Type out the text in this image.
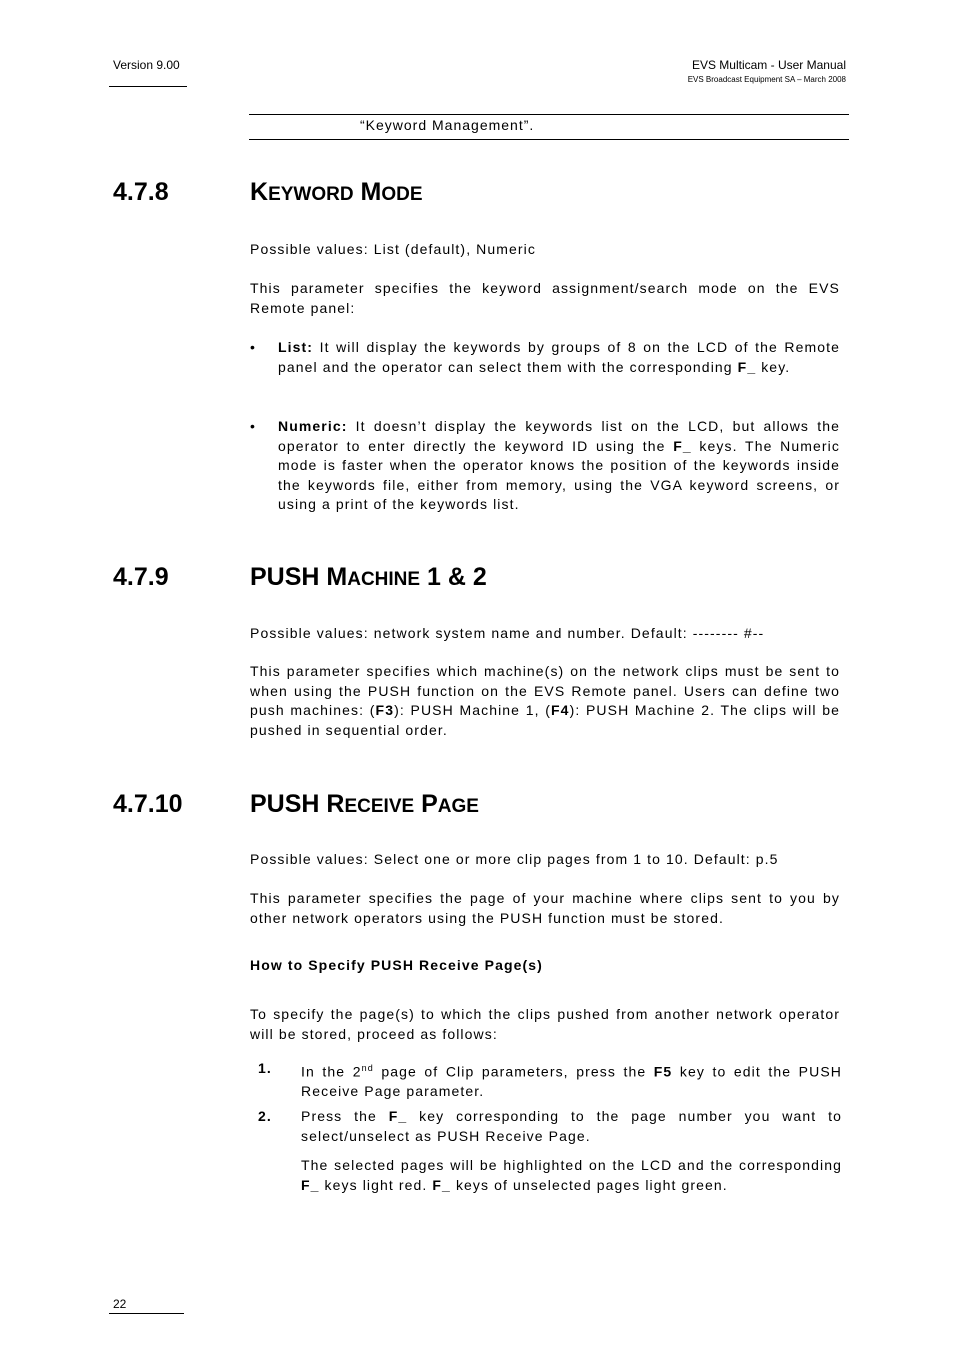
Version 9.00	EVS Multicam - User Manual
EVS Broadcast Equipment SA – March 2008
“Keyword Management”.
4.7.8	KEYWORD MODE
Possible values: List (default), Numeric
This parameter specifies the keyword assignment/search mode on the EVS Remote panel:
•	List: It will display the keywords by groups of 8 on the LCD of the Remote panel and the operator can select them with the corresponding F_ key.
•	Numeric: It doesn’t display the keywords list on the LCD, but allows the operator to enter directly the keyword ID using the F_ keys. The Numeric mode is faster when the operator knows the position of the keywords inside the keywords file, either from memory, using the VGA keyword screens, or using a print of the keywords list.
4.7.9	PUSH MACHINE 1 & 2
Possible values: network system name and number. Default: -------- #--
This parameter specifies which machine(s) on the network clips must be sent to when using the PUSH function on the EVS Remote panel. Users can define two push machines: (F3): PUSH Machine 1, (F4): PUSH Machine 2. The clips will be pushed in sequential order.
4.7.10	PUSH RECEIVE PAGE
Possible values: Select one or more clip pages from 1 to 10. Default: p.5
This parameter specifies the page of your machine where clips sent to you by other network operators using the PUSH function must be stored.
How to Specify PUSH Receive Page(s)
To specify the page(s) to which the clips pushed from another network operator will be stored, proceed as follows:
1. In the 2nd page of Clip parameters, press the F5 key to edit the PUSH Receive Page parameter.
2. Press the F_ key corresponding to the page number you want to select/unselect as PUSH Receive Page.
The selected pages will be highlighted on the LCD and the corresponding F_ keys light red. F_ keys of unselected pages light green.
22
